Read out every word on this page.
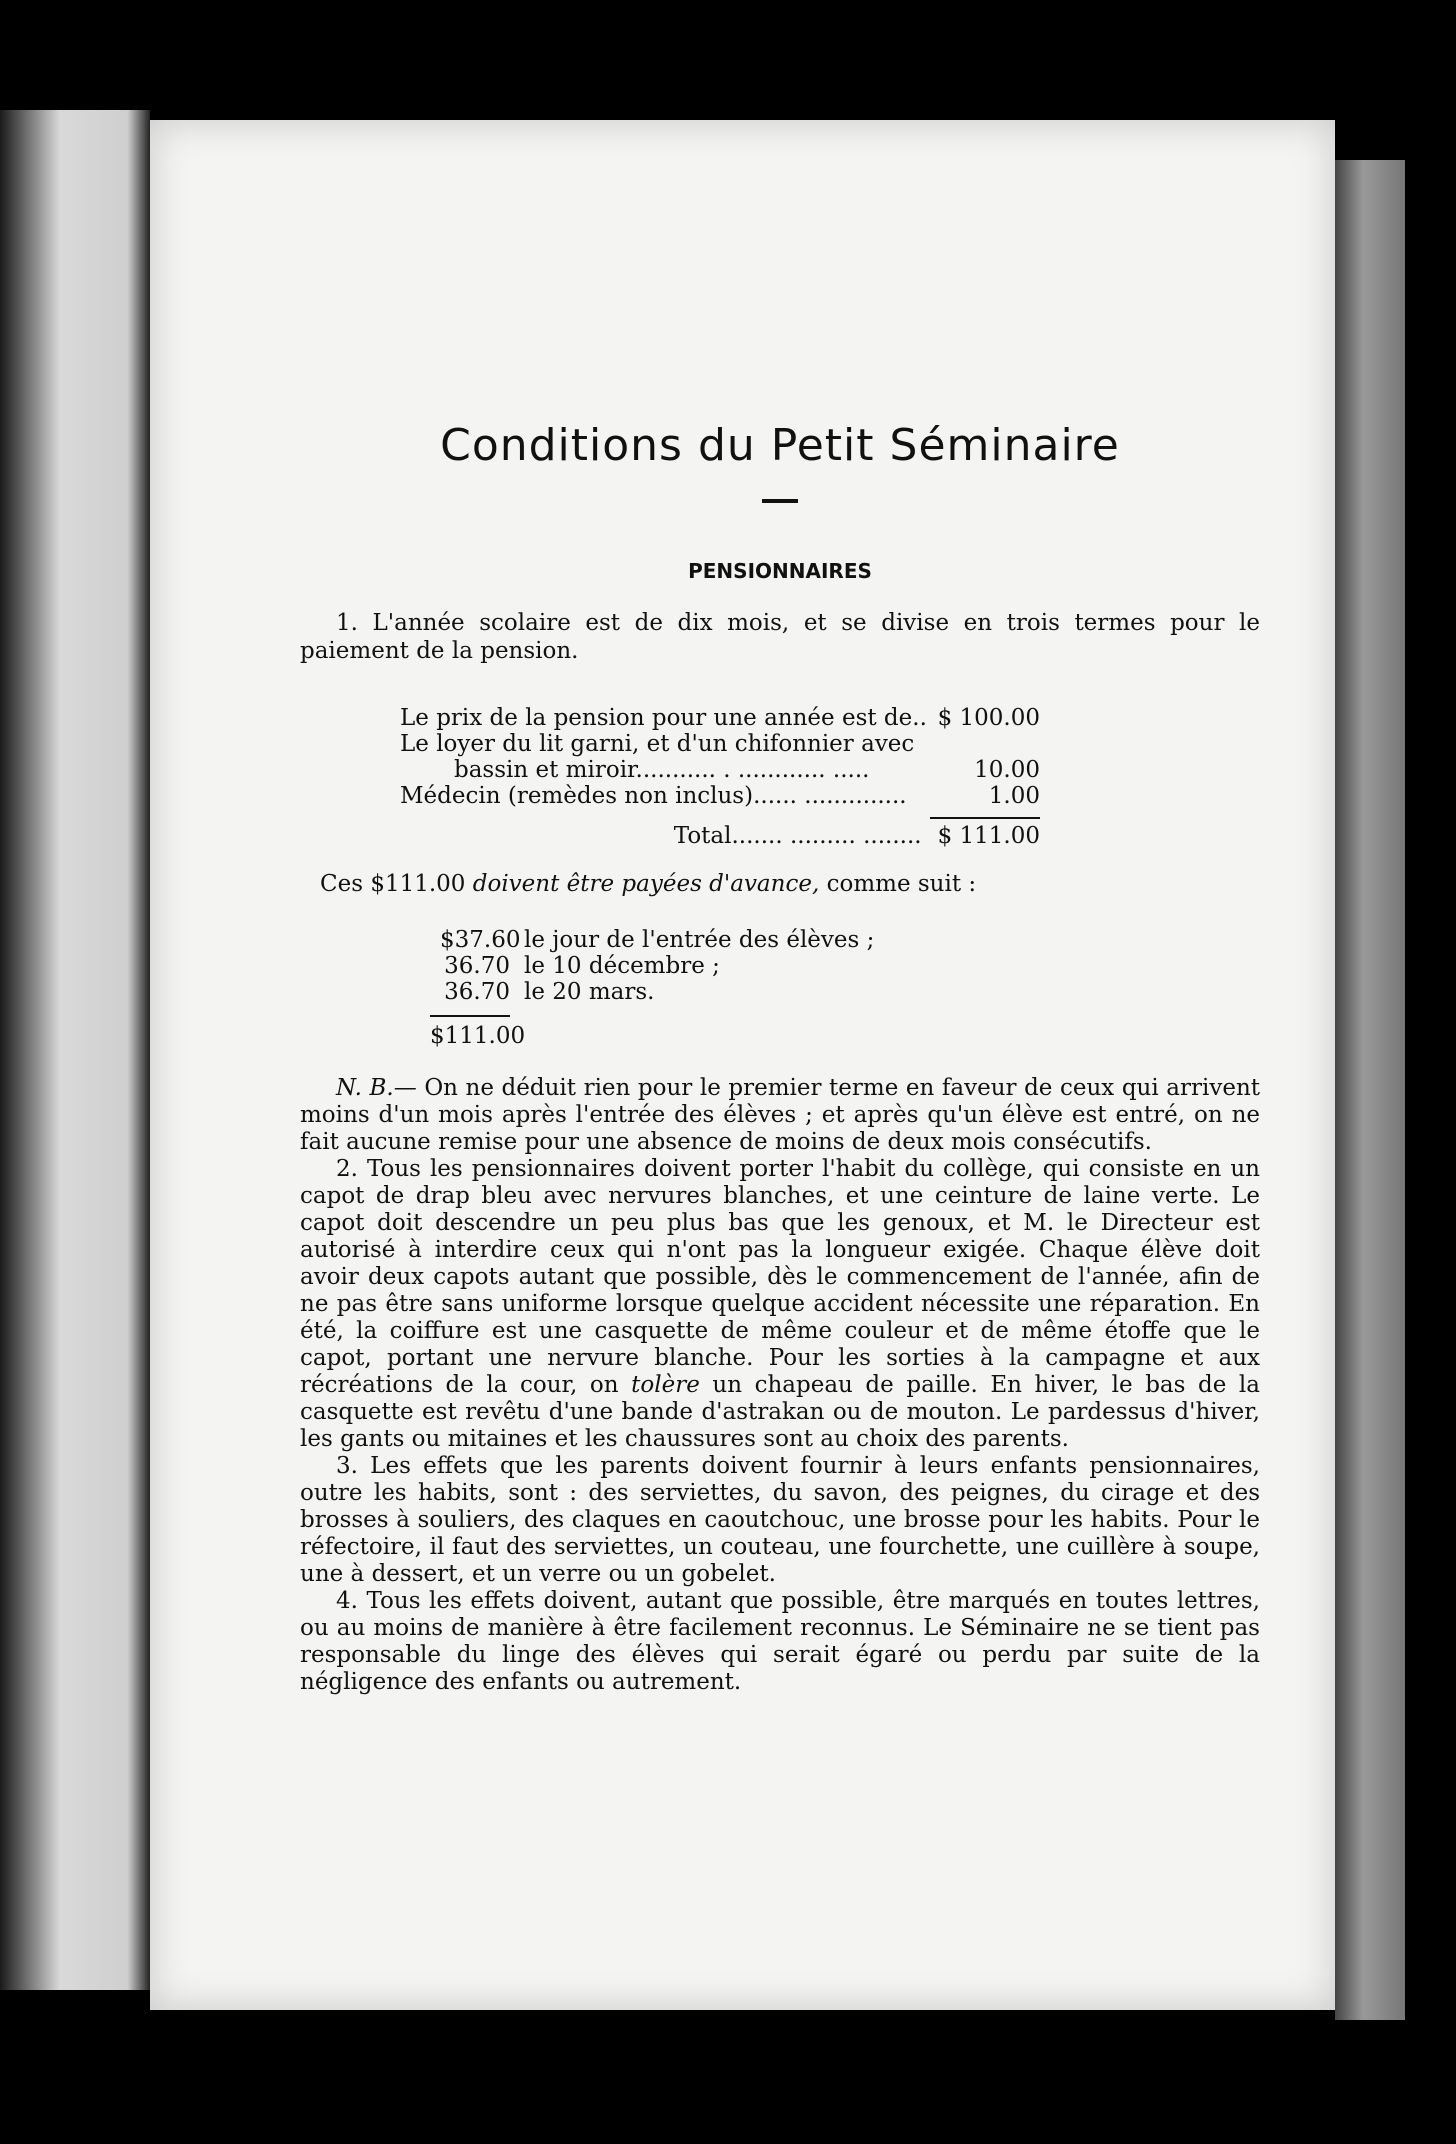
Conditions du Petit Séminaire
PENSIONNAIRES

1. L'année scolaire est de dix mois, et se divise en trois termes pour le paiement de la pension.

Le prix de la pension pour une année est de.. $ 100.00
Le loyer du lit garni, et d'un chifonnier avec
bassin et miroir........... . ............ .....	10.00
Médecin (remèdes non inclus)...... ..............	1.00
Total....... ......... ........ $ 111.00
Ces $111.00 doivent être payées d'avance, comme suit :
$37.60 le jour de l'entrée des élèves ;
36.70 le 10 décembre ;
36.70 le 20 mars.
$111.00

N. B.— On ne déduit rien pour le premier terme en faveur de ceux qui arrivent moins d'un mois après l'entrée des élèves ; et après qu'un élève est entré, on ne fait aucune remise pour une absence de moins de deux mois consécutifs.

2. Tous les pensionnaires doivent porter l'habit du collège, qui consiste en un capot de drap bleu avec nervures blanches, et une ceinture de laine verte. Le capot doit descendre un peu plus bas que les genoux, et M. le Directeur est autorisé à interdire ceux qui n'ont pas la longueur exigée. Chaque élève doit avoir deux capots autant que possible, dès le commencement de l'année, afin de ne pas être sans uniforme lorsque quelque accident nécessite une réparation. En été, la coiffure est une casquette de même couleur et de même étoffe que le capot, portant une nervure blanche. Pour les sorties à la campagne et aux récréations de la cour, on tolère un chapeau de paille. En hiver, le bas de la casquette est revêtu d'une bande d'astrakan ou de mouton. Le pardessus d'hiver, les gants ou mitaines et les chaussures sont au choix des parents.

3. Les effets que les parents doivent fournir à leurs enfants pensionnaires, outre les habits, sont : des serviettes, du savon, des peignes, du cirage et des brosses à souliers, des claques en caoutchouc, une brosse pour les habits. Pour le réfectoire, il faut des serviettes, un couteau, une fourchette, une cuillère à soupe, une à dessert, et un verre ou un gobelet.

4. Tous les effets doivent, autant que possible, être marqués en toutes lettres, ou au moins de manière à être facilement reconnus. Le Séminaire ne se tient pas responsable du linge des élèves qui serait égaré ou perdu par suite de la négligence des enfants ou autrement.
